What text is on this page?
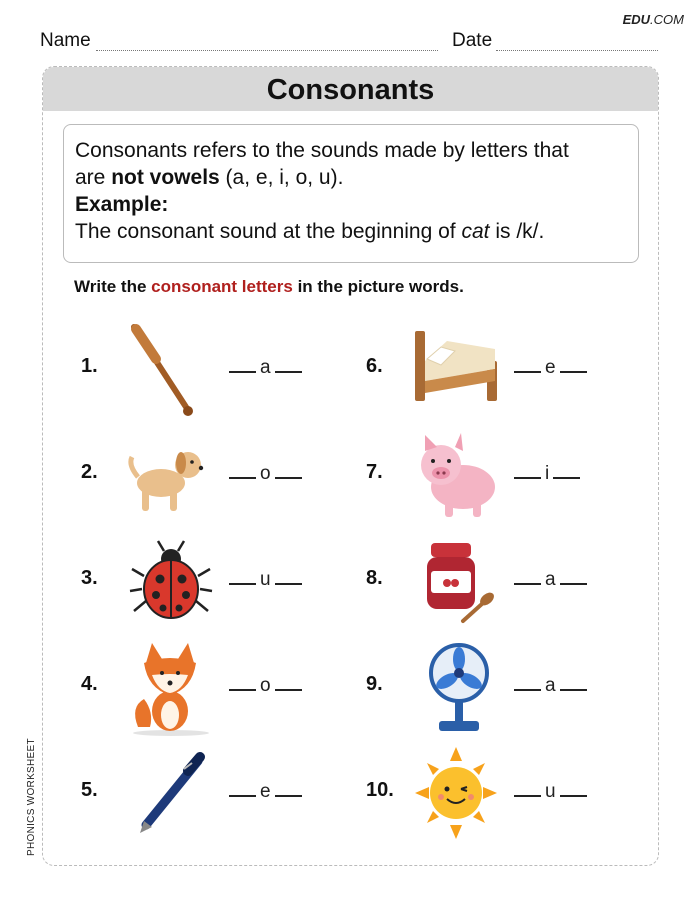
EDU.COM
Name	Date
PHONICS WORKSHEET
Consonants
Consonants refers to the sounds made by letters that
are not vowels (a, e, i, o, u).
Example:
The consonant sound at the beginning of cat is /k/.
Write the consonant letters in the picture words.
1.	a
2.	o
3.	u
4.	o
5.	e
6.	e
7.	i
8.	a
9.	a
10.	u
